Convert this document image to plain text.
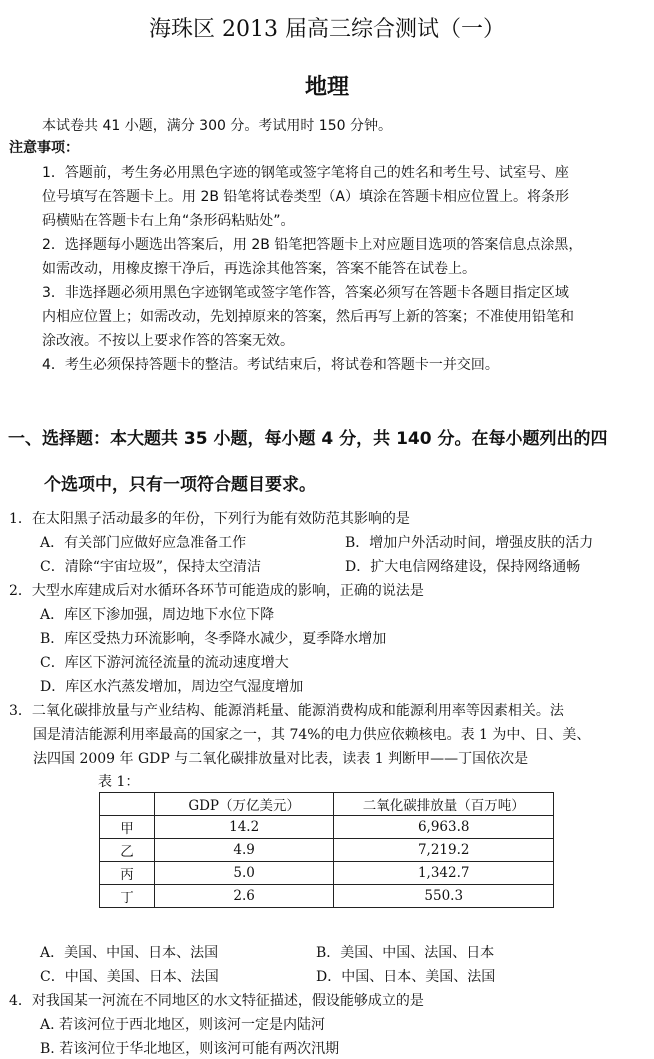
海珠区 2013 届高三综合测试（一）
地理
本试卷共 41 小题，满分 300 分。考试用时 150 分钟。
注意事项：
1．答题前，考生务必用黑色字迹的钢笔或签字笔将自己的姓名和考生号、试室号、座
位号填写在答题卡上。用 2B 铅笔将试卷类型（A）填涂在答题卡相应位置上。将条形
码横贴在答题卡右上角“条形码粘贴处”。
2．选择题每小题选出答案后，用 2B 铅笔把答题卡上对应题目选项的答案信息点涂黑，
如需改动，用橡皮擦干净后，再选涂其他答案，答案不能答在试卷上。
3．非选择题必须用黑色字迹钢笔或签字笔作答，答案必须写在答题卡各题目指定区域
内相应位置上；如需改动，先划掉原来的答案，然后再写上新的答案；不准使用铅笔和
涂改液。不按以上要求作答的答案无效。
4．考生必须保持答题卡的整洁。考试结束后，将试卷和答题卡一并交回。
一、选择题：本大题共 35 小题，每小题 4 分，共 140 分。在每小题列出的四
个选项中，只有一项符合题目要求。
1．在太阳黑子活动最多的年份，下列行为能有效防范其影响的是
A．有关部门应做好应急准备工作	B．增加户外活动时间，增强皮肤的活力
C．清除“宇宙垃圾”，保持太空清洁	D．扩大电信网络建设，保持网络通畅
2．大型水库建成后对水循环各环节可能造成的影响，正确的说法是
A．库区下渗加强，周边地下水位下降
B．库区受热力环流影响，冬季降水减少，夏季降水增加
C．库区下游河流径流量的流动速度增大
D．库区水汽蒸发增加，周边空气湿度增加
3．二氧化碳排放量与产业结构、能源消耗量、能源消费构成和能源利用率等因素相关。法
国是清洁能源利用率最高的国家之一，其 74%的电力供应依赖核电。表 1 为中、日、美、
法四国 2009 年 GDP 与二氧化碳排放量对比表，读表 1 判断甲——丁国依次是
表 1：
	GDP（万亿美元）	二氧化碳排放量（百万吨）
甲	14.2	6,963.8
乙	4.9	7,219.2
丙	5.0	1,342.7
丁	2.6	550.3
A．美国、中国、日本、法国	B．美国、中国、法国、日本
C．中国、美国、日本、法国	D．中国、日本、美国、法国
4．对我国某一河流在不同地区的水文特征描述，假设能够成立的是
A. 若该河位于西北地区，则该河一定是内陆河
B. 若该河位于华北地区，则该河可能有两次汛期
